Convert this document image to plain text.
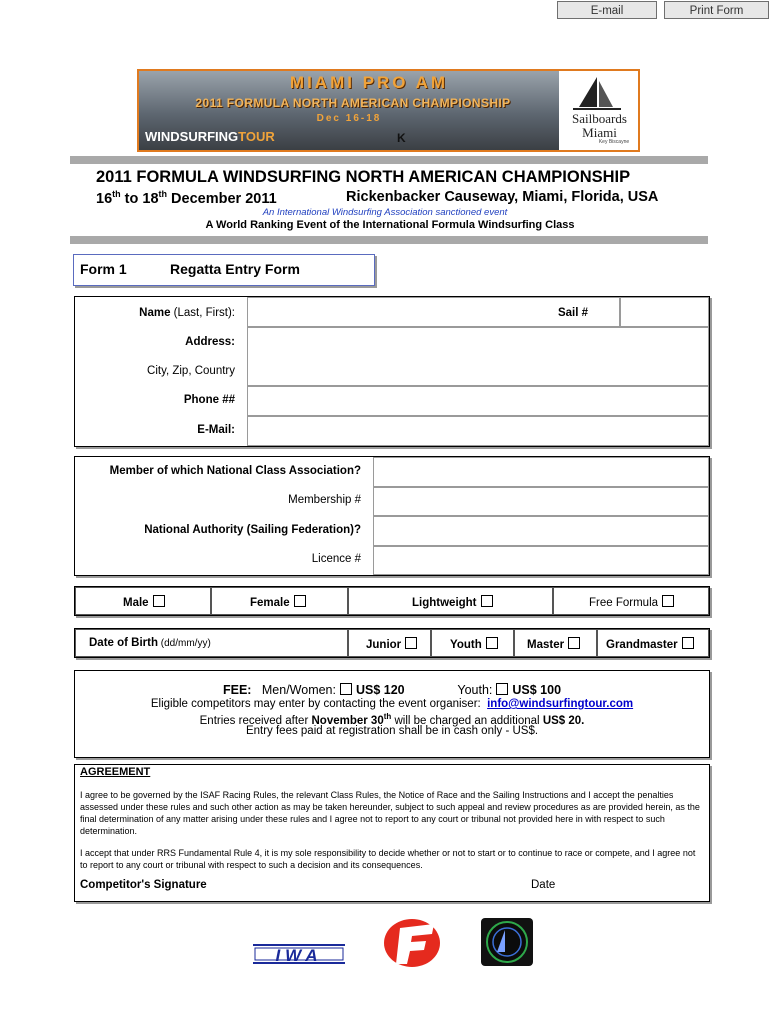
E-mail	Print Form
MIAMI PRO AM
2011 FORMULA NORTH AMERICAN CHAMPIONSHIP
Dec 16-18
WINDSURFINGTOUR	K
Sailboards
Miami
Key Biscayne
2011 FORMULA WINDSURFING NORTH AMERICAN CHAMPIONSHIP
16th to 18th December 2011	Rickenbacker Causeway, Miami, Florida, USA
An International Windsurfing Association sanctioned event
A World Ranking Event of the International Formula Windsurfing Class
Form 1	Regatta Entry Form
Name (Last, First):	Sail #
Address:
City, Zip, Country
Phone ##
E-Mail:
Member of which National Class Association?
Membership #
National Authority (Sailing Federation)?
Licence #
Male	Female	Lightweight	Free Formula
Date of Birth (dd/mm/yy)	Junior	Youth	Master	Grandmaster
FEE: Men/Women: US$ 120	Youth: US$ 100
Eligible competitors may enter by contacting the event organiser: info@windsurfingtour.com
Entries received after November 30th will be charged an additional US$ 20.
Entry fees paid at registration shall be in cash only - US$.
AGREEMENT
I agree to be governed by the ISAF Racing Rules, the relevant Class Rules, the Notice of Race and the Sailing Instructions and I accept the penalties assessed under these rules and such other action as may be taken hereunder, subject to such appeal and review procedures as are provided herein, as the final determination of any matter arising under these rules and I agree not to report to any court or tribunal not provided here in with respect to such determination.
I accept that under RRS Fundamental Rule 4, it is my sole responsibility to decide whether or not to start or to continue to race or compete, and I agree not to report to any court or tribunal with respect to such a decision and its consequences.
Competitor's Signature	Date
IWA
